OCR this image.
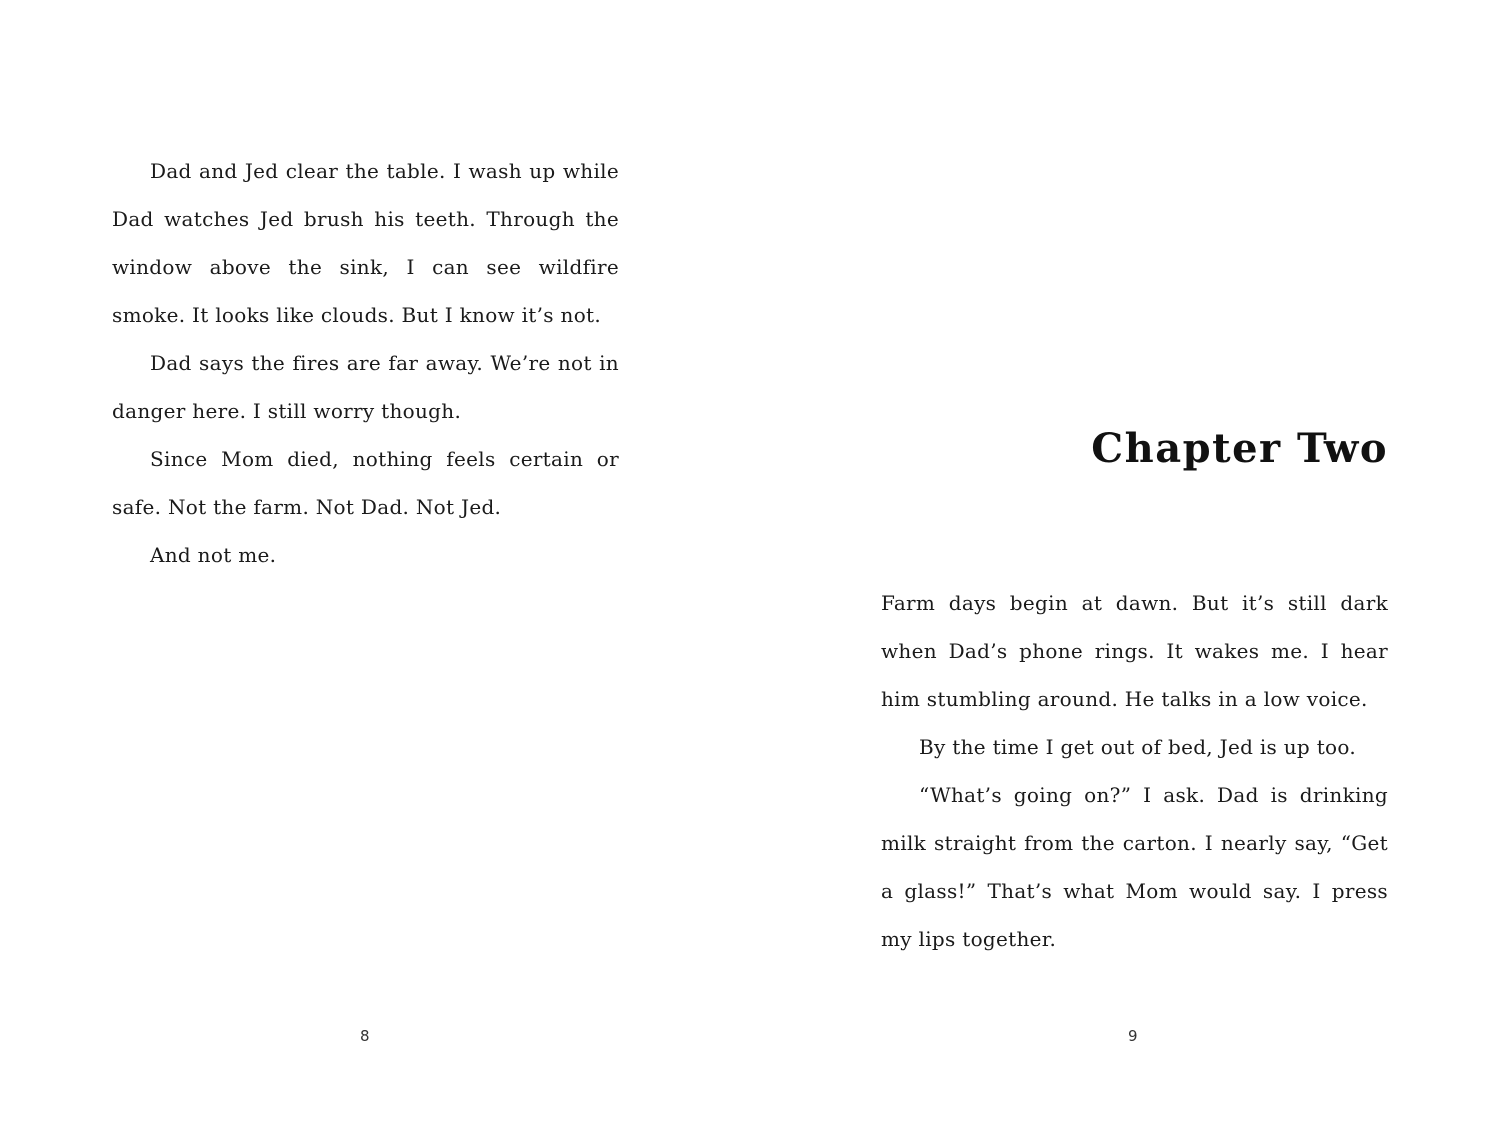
Dad and Jed clear the table. I wash up while Dad watches Jed brush his teeth. Through the window above the sink, I can see wildfire smoke. It looks like clouds. But I know it’s not.

Dad says the fires are far away. We’re not in danger here. I still worry though.

Since Mom died, nothing feels certain or safe. Not the farm. Not Dad. Not Jed.

And not me.

8
Chapter Two

Farm days begin at dawn. But it’s still dark when Dad’s phone rings. It wakes me. I hear him stumbling around. He talks in a low voice.

By the time I get out of bed, Jed is up too.

“What’s going on?” I ask. Dad is drinking milk straight from the carton. I nearly say, “Get a glass!” That’s what Mom would say. I press my lips together.

9
